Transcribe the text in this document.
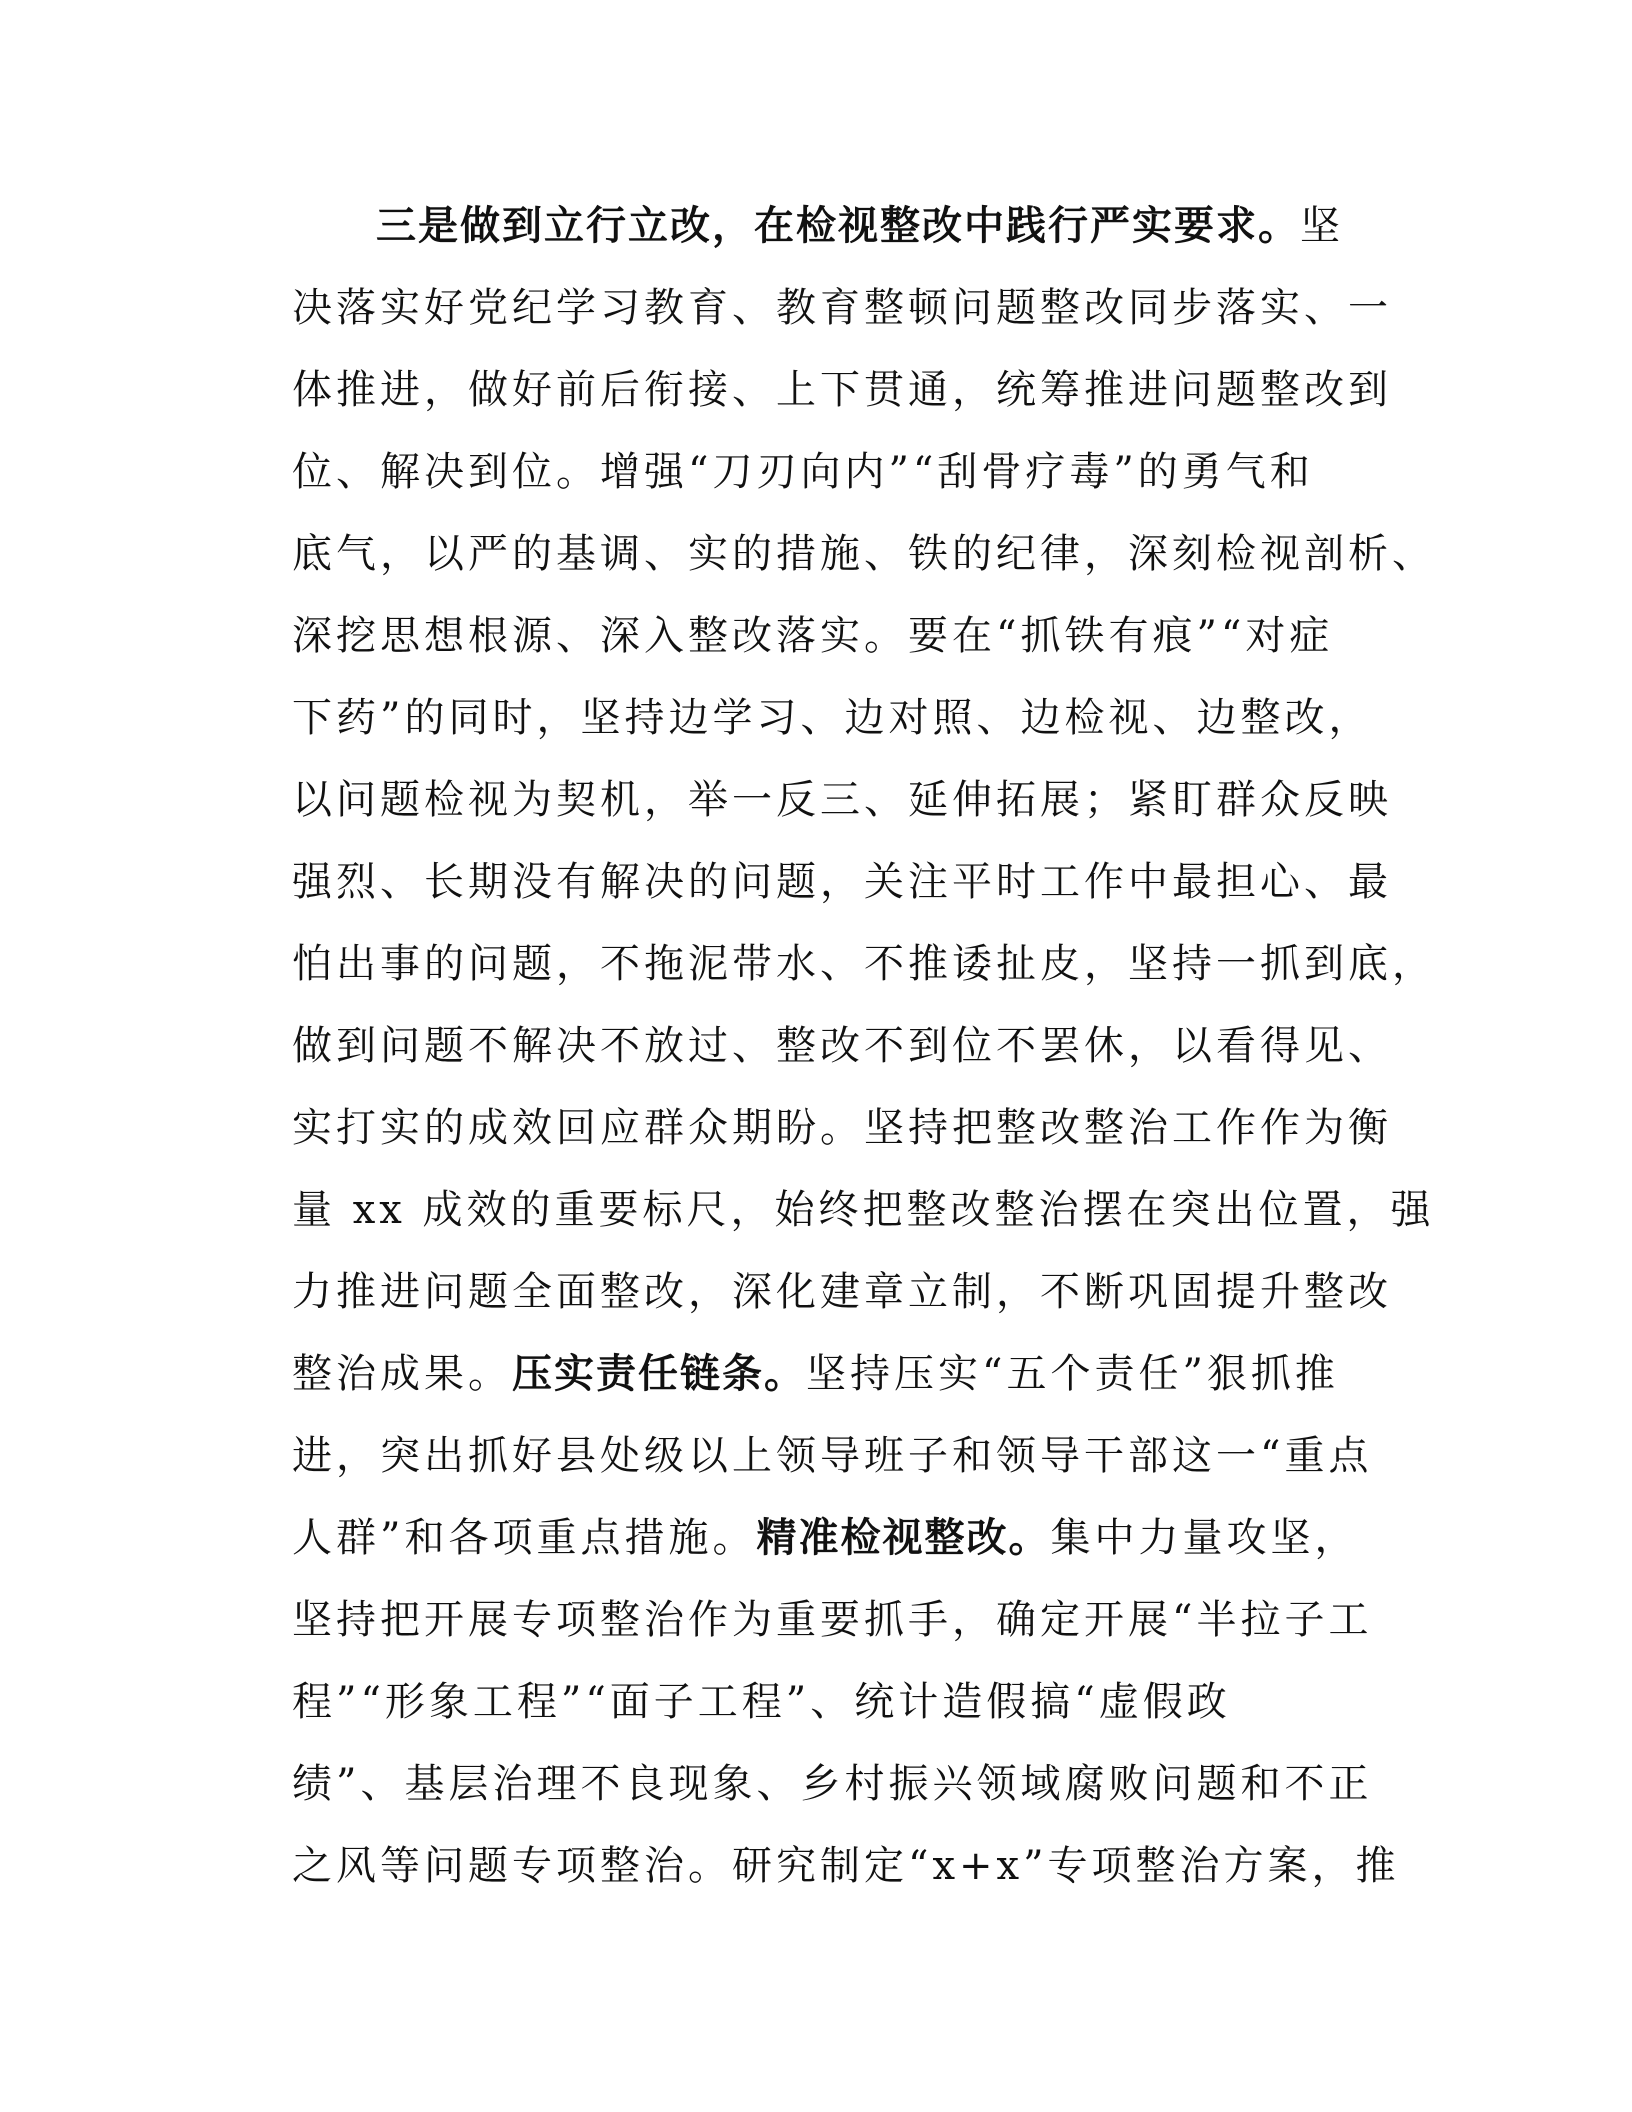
三是做到立行立改，在检视整改中践行严实要求。坚
决落实好党纪学习教育、教育整顿问题整改同步落实、一
体推进，做好前后衔接、上下贯通，统筹推进问题整改到
位、解决到位。增强“刀刃向内”“刮骨疗毒”的勇气和
底气，以严的基调、实的措施、铁的纪律，深刻检视剖析、
深挖思想根源、深入整改落实。要在“抓铁有痕”“对症
下药”的同时，坚持边学习、边对照、边检视、边整改，
以问题检视为契机，举一反三、延伸拓展；紧盯群众反映
强烈、长期没有解决的问题，关注平时工作中最担心、最
怕出事的问题，不拖泥带水、不推诿扯皮，坚持一抓到底，
做到问题不解决不放过、整改不到位不罢休，以看得见、
实打实的成效回应群众期盼。坚持把整改整治工作作为衡
量 xx 成效的重要标尺，始终把整改整治摆在突出位置，强
力推进问题全面整改，深化建章立制，不断巩固提升整改
整治成果。压实责任链条。坚持压实“五个责任”狠抓推
进，突出抓好县处级以上领导班子和领导干部这一“重点
人群”和各项重点措施。精准检视整改。集中力量攻坚，
坚持把开展专项整治作为重要抓手，确定开展“半拉子工
程”“形象工程”“面子工程”、统计造假搞“虚假政
绩”、基层治理不良现象、乡村振兴领域腐败问题和不正
之风等问题专项整治。研究制定“x+x”专项整治方案，推
